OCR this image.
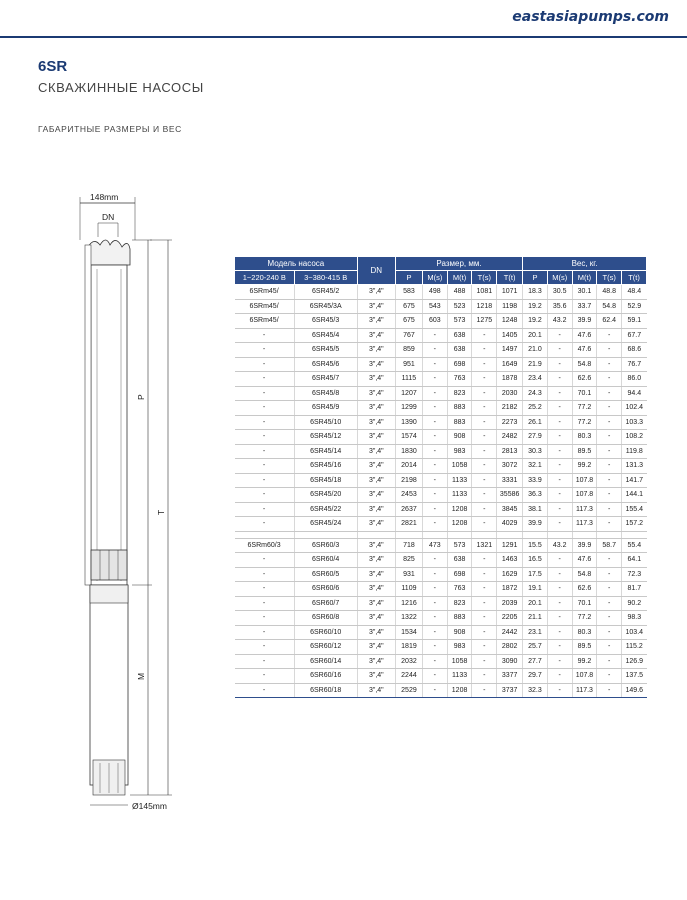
eastasiapumps.com
6SR
СКВАЖИННЫЕ НАСОСЫ
ГАБАРИТНЫЕ РАЗМЕРЫ И ВЕС
148mm
DN
P
T
M
Ø145mm
Модель насоса		DN	Размер, мм.					Вес, кг.				
1~220-240 В	3~380-415 В		P	M(s)	M(t)	T(s)	T(t)	P	M(s)	M(t)	T(s)	T(t)
6SRm45/	6SR45/2	3",4"	583	498	488	1081	1071	18.3	30.5	30.1	48.8	48.4
6SRm45/	6SR45/3A	3",4"	675	543	523	1218	1198	19.2	35.6	33.7	54.8	52.9
6SRm45/	6SR45/3	3",4"	675	603	573	1275	1248	19.2	43.2	39.9	62.4	59.1
-	6SR45/4	3",4"	767	-	638	-	1405	20.1	-	47.6	-	67.7
-	6SR45/5	3",4"	859	-	638	-	1497	21.0	-	47.6	-	68.6
-	6SR45/6	3",4"	951	-	698	-	1649	21.9	-	54.8	-	76.7
-	6SR45/7	3",4"	1115	-	763	-	1878	23.4	-	62.6	-	86.0
-	6SR45/8	3",4"	1207	-	823	-	2030	24.3	-	70.1	-	94.4
-	6SR45/9	3",4"	1299	-	883	-	2182	25.2	-	77.2	-	102.4
-	6SR45/10	3",4"	1390	-	883	-	2273	26.1	-	77.2	-	103.3
-	6SR45/12	3",4"	1574	-	908	-	2482	27.9	-	80.3	-	108.2
-	6SR45/14	3",4"	1830	-	983	-	2813	30.3	-	89.5	-	119.8
-	6SR45/16	3",4"	2014	-	1058	-	3072	32.1	-	99.2	-	131.3
-	6SR45/18	3",4"	2198	-	1133	-	3331	33.9	-	107.8	-	141.7
-	6SR45/20	3",4"	2453	-	1133	-	35586	36.3	-	107.8	-	144.1
-	6SR45/22	3",4"	2637	-	1208	-	3845	38.1	-	117.3	-	155.4
-	6SR45/24	3",4"	2821	-	1208	-	4029	39.9	-	117.3	-	157.2

6SRm60/3	6SR60/3	3",4"	718	473	573	1321	1291	15.5	43.2	39.9	58.7	55.4
-	6SR60/4	3",4"	825	-	638	-	1463	16.5	-	47.6	-	64.1
-	6SR60/5	3",4"	931	-	698	-	1629	17.5	-	54.8	-	72.3
-	6SR60/6	3",4"	1109	-	763	-	1872	19.1	-	62.6	-	81.7
-	6SR60/7	3",4"	1216	-	823	-	2039	20.1	-	70.1	-	90.2
-	6SR60/8	3",4"	1322	-	883	-	2205	21.1	-	77.2	-	98.3
-	6SR60/10	3",4"	1534	-	908	-	2442	23.1	-	80.3	-	103.4
-	6SR60/12	3",4"	1819	-	983	-	2802	25.7	-	89.5	-	115.2
-	6SR60/14	3",4"	2032	-	1058	-	3090	27.7	-	99.2	-	126.9
-	6SR60/16	3",4"	2244	-	1133	-	3377	29.7	-	107.8	-	137.5
-	6SR60/18	3",4"	2529	-	1208	-	3737	32.3	-	117.3	-	149.6
